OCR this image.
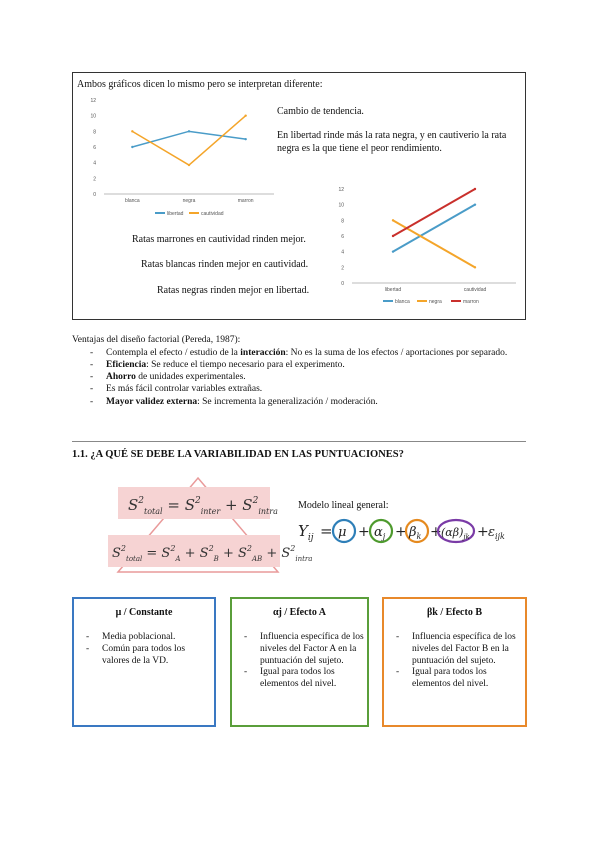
Ambos gráficos dicen lo mismo pero se interpretan diferente:
0
2
4
6
8
10
12
blanca	negra	marron
libertad	cautividad
Cambio de tendencia.
En libertad rinde más la rata negra, y en cautiverio la rata negra es la que tiene el peor rendimiento.
0
2
4
6
8
10
12
libertad	cautividad
blanca	negra	marron
Ratas marrones en cautividad rinden mejor.
Ratas blancas rinden mejor en cautividad.
Ratas negras rinden mejor en libertad.
Ventajas del diseño factorial (Pereda, 1987):
- Contempla el efecto / estudio de la interacción: No es la suma de los efectos / aportaciones por separado.
- Eficiencia: Se reduce el tiempo necesario para el experimento.
- Ahorro de unidades experimentales.
- Es más fácil controlar variables extrañas.
- Mayor validez externa: Se incrementa la generalización / moderación.
1.1. ¿A QUÉ SE DEBE LA VARIABILIDAD EN LAS PUNTUACIONES?
$S^2_{total} = S^2_{inter} + S^2_{intra}$
$S^2_{total} = S^2_A + S^2_B + S^2_{AB} + S^2_{intra}$
Modelo lineal general:
$Y_{ij} = \mu + \alpha_j + \beta_k + (\alpha\beta)_{jk} + \varepsilon_{ijk}$
μ / Constante
- Media poblacional.
- Común para todos los valores de la VD.
αj / Efecto A
- Influencia específica de los niveles del Factor A en la puntuación del sujeto.
- Igual para todos los elementos del nivel.
βk / Efecto B
- Influencia específica de los niveles del Factor B en la puntuación del sujeto.
- Igual para todos los elementos del nivel.
